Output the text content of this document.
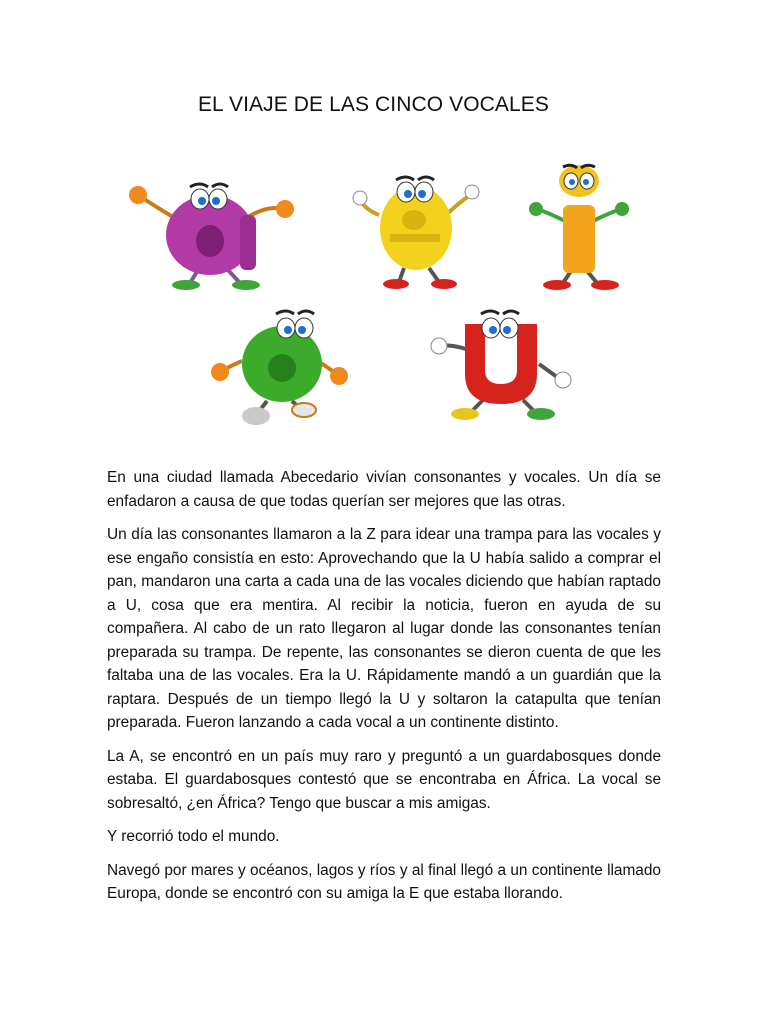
EL VIAJE DE LAS CINCO VOCALES

En una ciudad llamada Abecedario vivían consonantes y vocales. Un día se enfadaron a causa de que todas querían ser mejores que las otras.

Un día las consonantes llamaron a la Z para idear una trampa para las vocales y ese engaño consistía en esto: Aprovechando que la U había salido a comprar el pan, mandaron una carta a cada una de las vocales diciendo que habían raptado a U, cosa que era mentira. Al recibir la noticia, fueron en ayuda de su compañera. Al cabo de un rato llegaron al lugar donde las consonantes tenían preparada su trampa. De repente, las consonantes se dieron cuenta de que les faltaba una de las vocales. Era la U. Rápidamente mandó a un guardián que la raptara. Después de un tiempo llegó la U y soltaron la catapulta que tenían preparada. Fueron lanzando a cada vocal a un continente distinto.

La A, se encontró en un país muy raro y preguntó a un guardabosques donde estaba. El guardabosques contestó que se encontraba en África. La vocal se sobresaltó, ¿en África? Tengo que buscar a mis amigas.

Y recorrió todo el mundo.

Navegó por mares y océanos, lagos y ríos y al final llegó a un continente llamado Europa, donde se encontró con su amiga la E que estaba llorando.
